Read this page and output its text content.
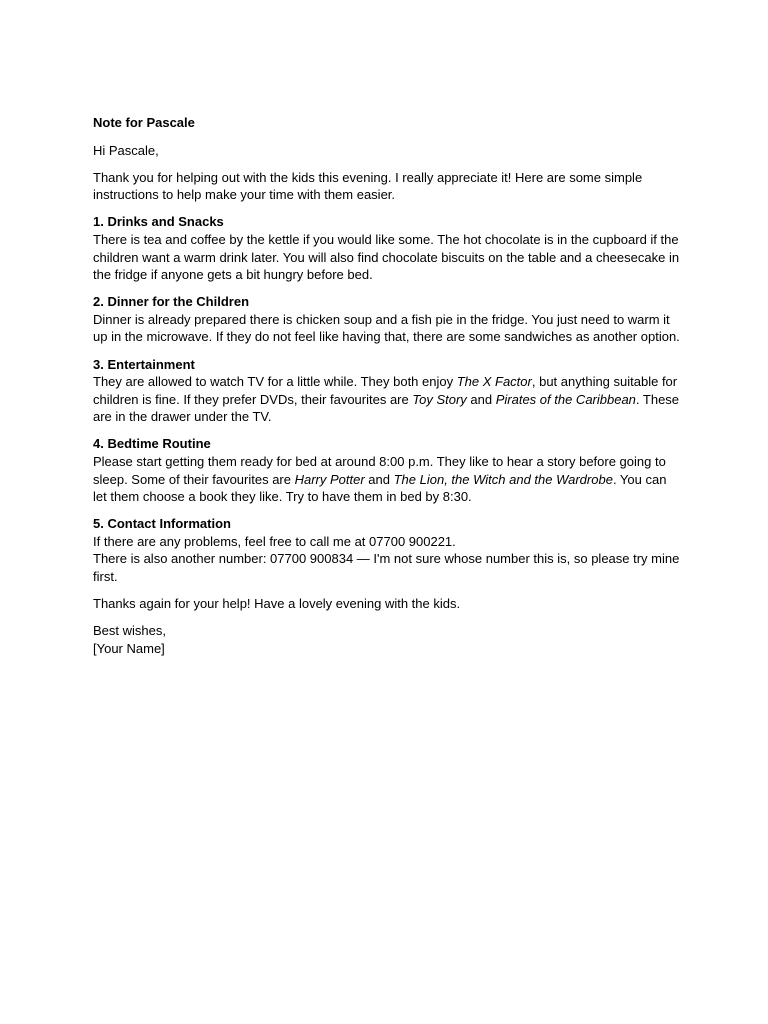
Note for Pascale

Hi Pascale,

Thank you for helping out with the kids this evening. I really appreciate it! Here are some simple instructions to help make your time with them easier.

1. Drinks and Snacks
There is tea and coffee by the kettle if you would like some. The hot chocolate is in the cupboard if the children want a warm drink later. You will also find chocolate biscuits on the table and a cheesecake in the fridge if anyone gets a bit hungry before bed.
2. Dinner for the Children
Dinner is already prepared there is chicken soup and a fish pie in the fridge. You just need to warm it up in the microwave. If they do not feel like having that, there are some sandwiches as another option.
3. Entertainment
They are allowed to watch TV for a little while. They both enjoy The X Factor, but anything suitable for children is fine. If they prefer DVDs, their favourites are Toy Story and Pirates of the Caribbean. These are in the drawer under the TV.
4. Bedtime Routine
Please start getting them ready for bed at around 8:00 p.m. They like to hear a story before going to sleep. Some of their favourites are Harry Potter and The Lion, the Witch and the Wardrobe. You can let them choose a book they like. Try to have them in bed by 8:30.
5. Contact Information
If there are any problems, feel free to call me at 07700 900221.
There is also another number: 07700 900834 — I'm not sure whose number this is, so please try mine first.

Thanks again for your help! Have a lovely evening with the kids.

Best wishes,
[Your Name]
